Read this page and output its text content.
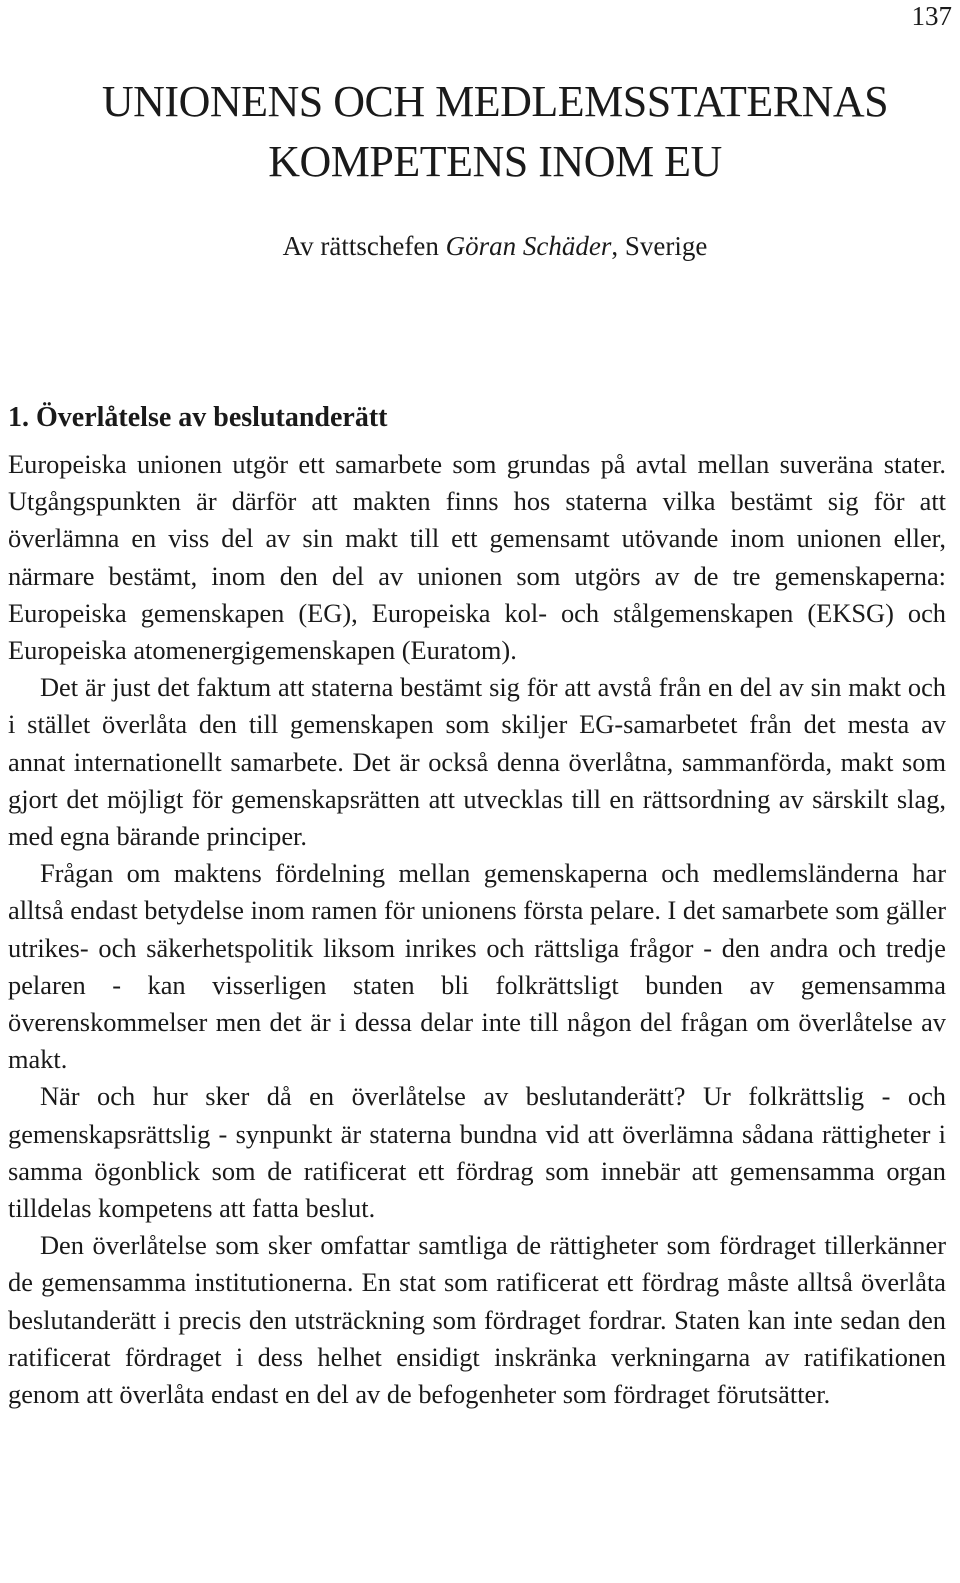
137
UNIONENS OCH MEDLEMSSTATERNAS
KOMPETENS INOM EU
Av rättschefen Göran Schäder, Sverige
1. Överlåtelse av beslutanderätt

Europeiska unionen utgör ett samarbete som grundas på avtal mellan suveräna stater. Utgångspunkten är därför att makten finns hos staterna vilka bestämt sig för att överlämna en viss del av sin makt till ett gemensamt utövande inom unionen eller, närmare bestämt, inom den del av unionen som utgörs av de tre gemenskaperna: Europeiska gemenskapen (EG), Europeiska kol- och stålgemenskapen (EKSG) och Europeiska atomenergigemenskapen (Euratom).

Det är just det faktum att staterna bestämt sig för att avstå från en del av sin makt och i stället överlåta den till gemenskapen som skiljer EG-samarbetet från det mesta av annat internationellt samarbete. Det är också denna överlåtna, sammanförda, makt som gjort det möjligt för gemenskapsrätten att utvecklas till en rättsordning av särskilt slag, med egna bärande principer.

Frågan om maktens fördelning mellan gemenskaperna och medlemsländerna har alltså endast betydelse inom ramen för unionens första pelare. I det samarbete som gäller utrikes- och säkerhetspolitik liksom inrikes och rättsliga frågor - den andra och tredje pelaren - kan visserligen staten bli folkrättsligt bunden av gemensamma överenskommelser men det är i dessa delar inte till någon del frågan om överlåtelse av makt.

När och hur sker då en överlåtelse av beslutanderätt? Ur folkrättslig - och gemenskapsrättslig - synpunkt är staterna bundna vid att överlämna sådana rättigheter i samma ögonblick som de ratificerat ett fördrag som innebär att gemensamma organ tilldelas kompetens att fatta beslut.

Den överlåtelse som sker omfattar samtliga de rättigheter som fördraget tillerkänner de gemensamma institutionerna. En stat som ratificerat ett fördrag måste alltså överlåta beslutanderätt i precis den utsträckning som fördraget fordrar. Staten kan inte sedan den ratificerat fördraget i dess helhet ensidigt inskränka verkningarna av ratifikationen genom att överlåta endast en del av de befogenheter som fördraget förutsätter.
